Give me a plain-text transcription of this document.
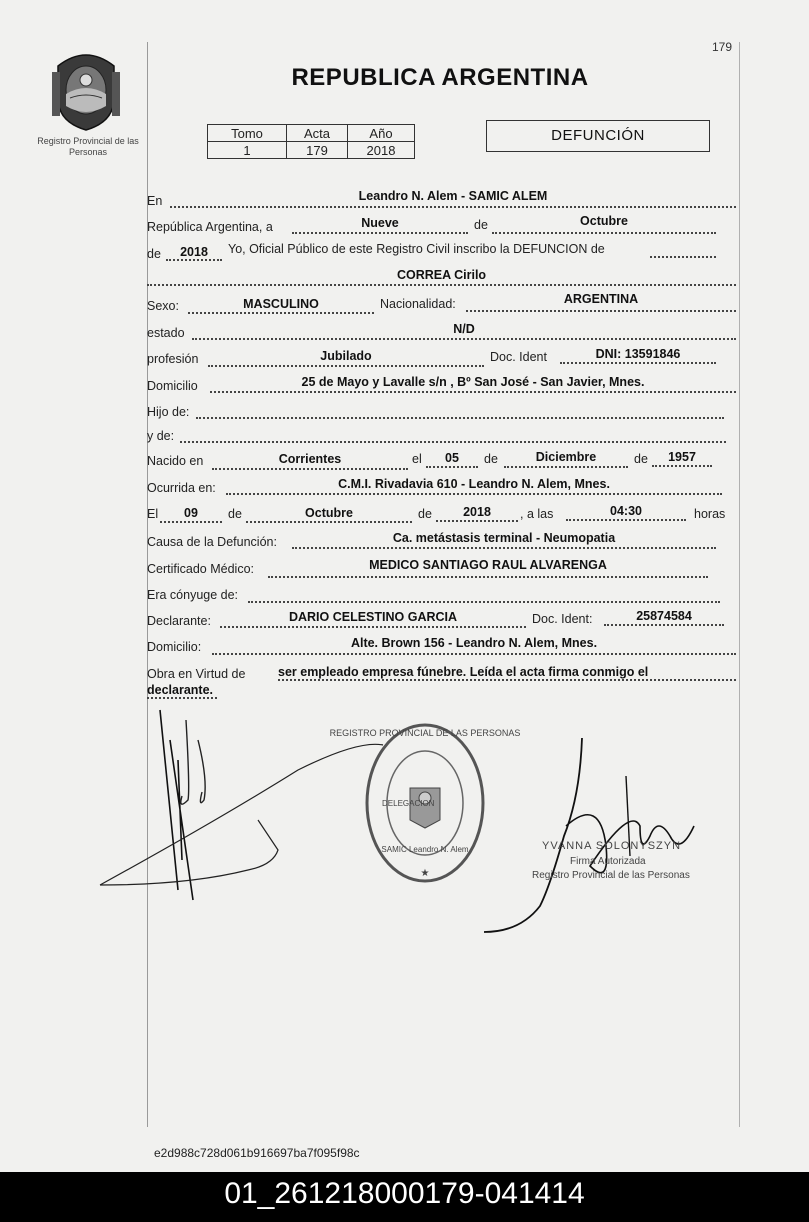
179
Registro Provincial de las Personas
REPUBLICA ARGENTINA
Tomo	Acta	Año
1	179	2018
DEFUNCIÓN
En	Leandro N. Alem - SAMIC ALEM
República Argentina, a	Nueve	de	Octubre
de	2018	Yo, Oficial Público de este Registro Civil inscribo la DEFUNCION de
CORREA Cirilo
Sexo:	MASCULINO	Nacionalidad:	ARGENTINA
estado	N/D
profesión	Jubilado	Doc. Ident	DNI: 13591846
Domicilio	25 de Mayo y Lavalle s/n , Bº San José - San Javier, Mnes.
Hijo de:
y de:
Nacido en	Corrientes	el	05	de	Diciembre	de	1957
Ocurrida en:	C.M.I. Rivadavia 610 - Leandro N. Alem, Mnes.
El	09	de	Octubre	de	2018	, a las	04:30	horas
Causa de la Defunción:	Ca. metástasis terminal - Neumopatia
Certificado Médico:	MEDICO SANTIAGO RAUL ALVARENGA
Era cónyuge de:
Declarante:	DARIO CELESTINO GARCIA	Doc. Ident:	25874584
Domicilio:	Alte. Brown 156 - Leandro N. Alem, Mnes.
Obra en Virtud de	ser empleado empresa fúnebre. Leída el acta firma conmigo el
declarante.
REGISTRO PROVINCIAL DE LAS PERSONAS
SAMIC Leandro N. Alem
DELEGACION
★
YVANNA SOLONYSZYN
Firma Autorizada
Registro Provincial de las Personas
e2d988c728d061b916697ba7f095f98c
01_261218000179-041414
